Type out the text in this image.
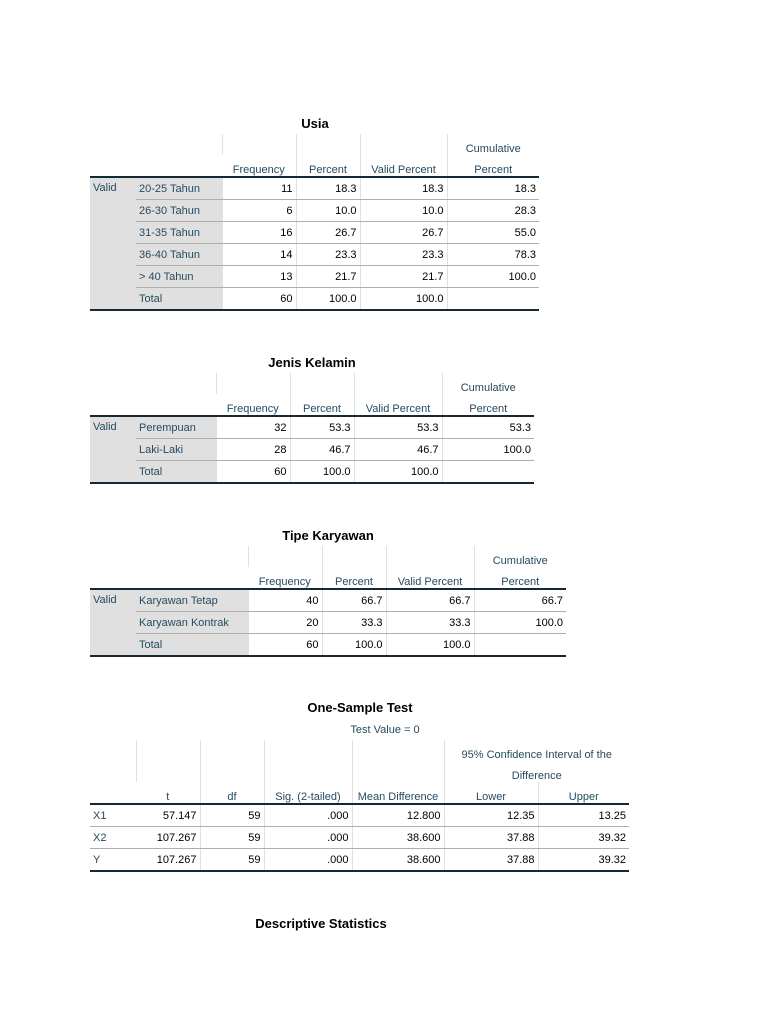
Usia
					Cumulative
		Frequency	Percent	Valid Percent	Percent
Valid	20-25 Tahun	11	18.3	18.3	18.3
	26-30 Tahun	6	10.0	10.0	28.3
	31-35 Tahun	16	26.7	26.7	55.0
	36-40 Tahun	14	23.3	23.3	78.3
	> 40 Tahun	13	21.7	21.7	100.0
	Total	60	100.0	100.0	
Jenis Kelamin
					Cumulative
		Frequency	Percent	Valid Percent	Percent
Valid	Perempuan	32	53.3	53.3	53.3
	Laki-Laki	28	46.7	46.7	100.0
	Total	60	100.0	100.0	
Tipe Karyawan
					Cumulative
		Frequency	Percent	Valid Percent	Percent
Valid	Karyawan Tetap	40	66.7	66.7	66.7
	Karyawan Kontrak	20	33.3	33.3	100.0
	Total	60	100.0	100.0	
One-Sample Test
Test Value = 0
					95% Confidence Interval of the	
					Difference	
	t	df	Sig. (2-tailed)	Mean Difference	Lower	Upper
X1	57.147	59	.000	12.800	12.35	13.25
X2	107.267	59	.000	38.600	37.88	39.32
Y	107.267	59	.000	38.600	37.88	39.32
Descriptive Statistics
